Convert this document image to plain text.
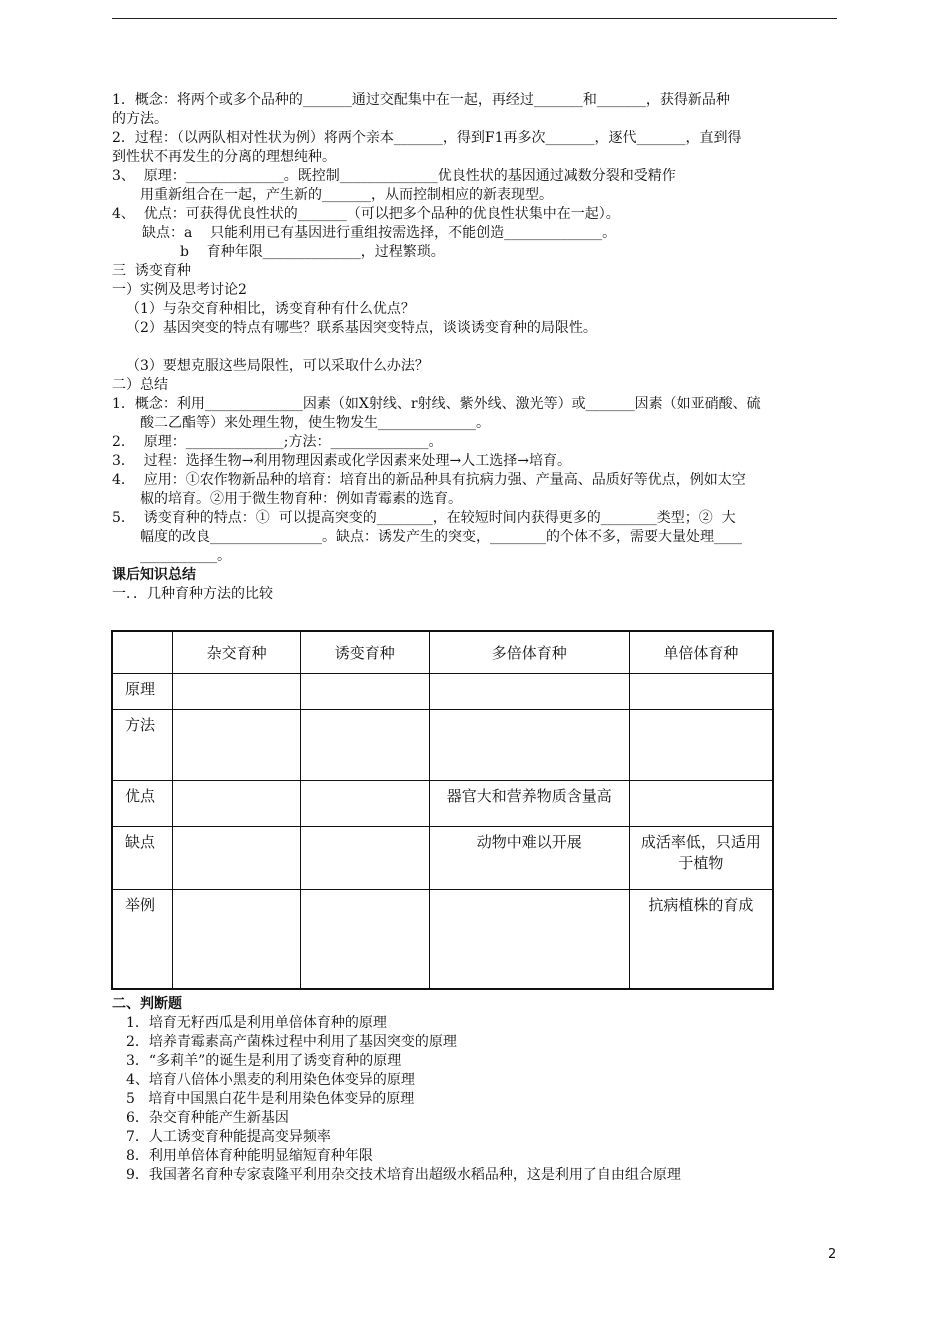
1．概念：将两个或多个品种的_______通过交配集中在一起，再经过_______和_______，获得新品种
的方法。
2．过程：（以两队相对性状为例）将两个亲本_______，得到F1再多次_______，逐代_______，直到得
到性状不再发生的分离的理想纯种。
3、  原理：______________。既控制______________优良性状的基因通过减数分裂和受精作
用重新组合在一起，产生新的_______，从而控制相应的新表现型。
4、  优点：可获得优良性状的_______（可以把多个品种的优良性状集中在一起）。
缺点：a    只能利用已有基因进行重组按需选择，不能创造______________。
b    育种年限______________，过程繁琐。
三  诱变育种
一）实例及思考讨论2
（1）与杂交育种相比，诱变育种有什么优点？
（2）基因突变的特点有哪些？联系基因突变特点，谈谈诱变育种的局限性。
（3）要想克服这些局限性，可以采取什么办法？
二）总结
1．概念：利用______________因素（如X射线、r射线、紫外线、激光等）或_______因素（如亚硝酸、硫
酸二乙酯等）来处理生物，使生物发生______________。
2．  原理：______________;方法：______________。
3．  过程：选择生物→利用物理因素或化学因素来处理→人工选择→培育。
4．  应用：①农作物新品种的培育：培育出的新品种具有抗病力强、产量高、品质好等优点，例如太空
椒的培育。②用于微生物育种：例如青霉素的选育。
5．  诱变育种的特点：①  可以提高突变的________，在较短时间内获得更多的________类型；②  大
幅度的改良________________。缺点：诱发产生的突变，________的个体不多，需要大量处理____
___________。
课后知识总结
一．．几种育种方法的比较
	杂交育种	诱变育种	多倍体育种	单倍体育种
原理				
方法				
优点			器官大和营养物质含量高	
缺点			动物中难以开展	成活率低，只适用于植物
举例				抗病植株的育成
二、判断题
1．培育无籽西瓜是利用单倍体育种的原理
2．培养青霉素高产菌株过程中利用了基因突变的原理
3．“多莉羊”的诞生是利用了诱变育种的原理
4、培育八倍体小黑麦的利用染色体变异的原理
5   培育中国黑白花牛是利用染色体变异的原理
6．杂交育种能产生新基因
7．人工诱变育种能提高变异频率
8．利用单倍体育种能明显缩短育种年限
9．我国著名育种专家袁隆平利用杂交技术培育出超级水稻品种，这是利用了自由组合原理
2
